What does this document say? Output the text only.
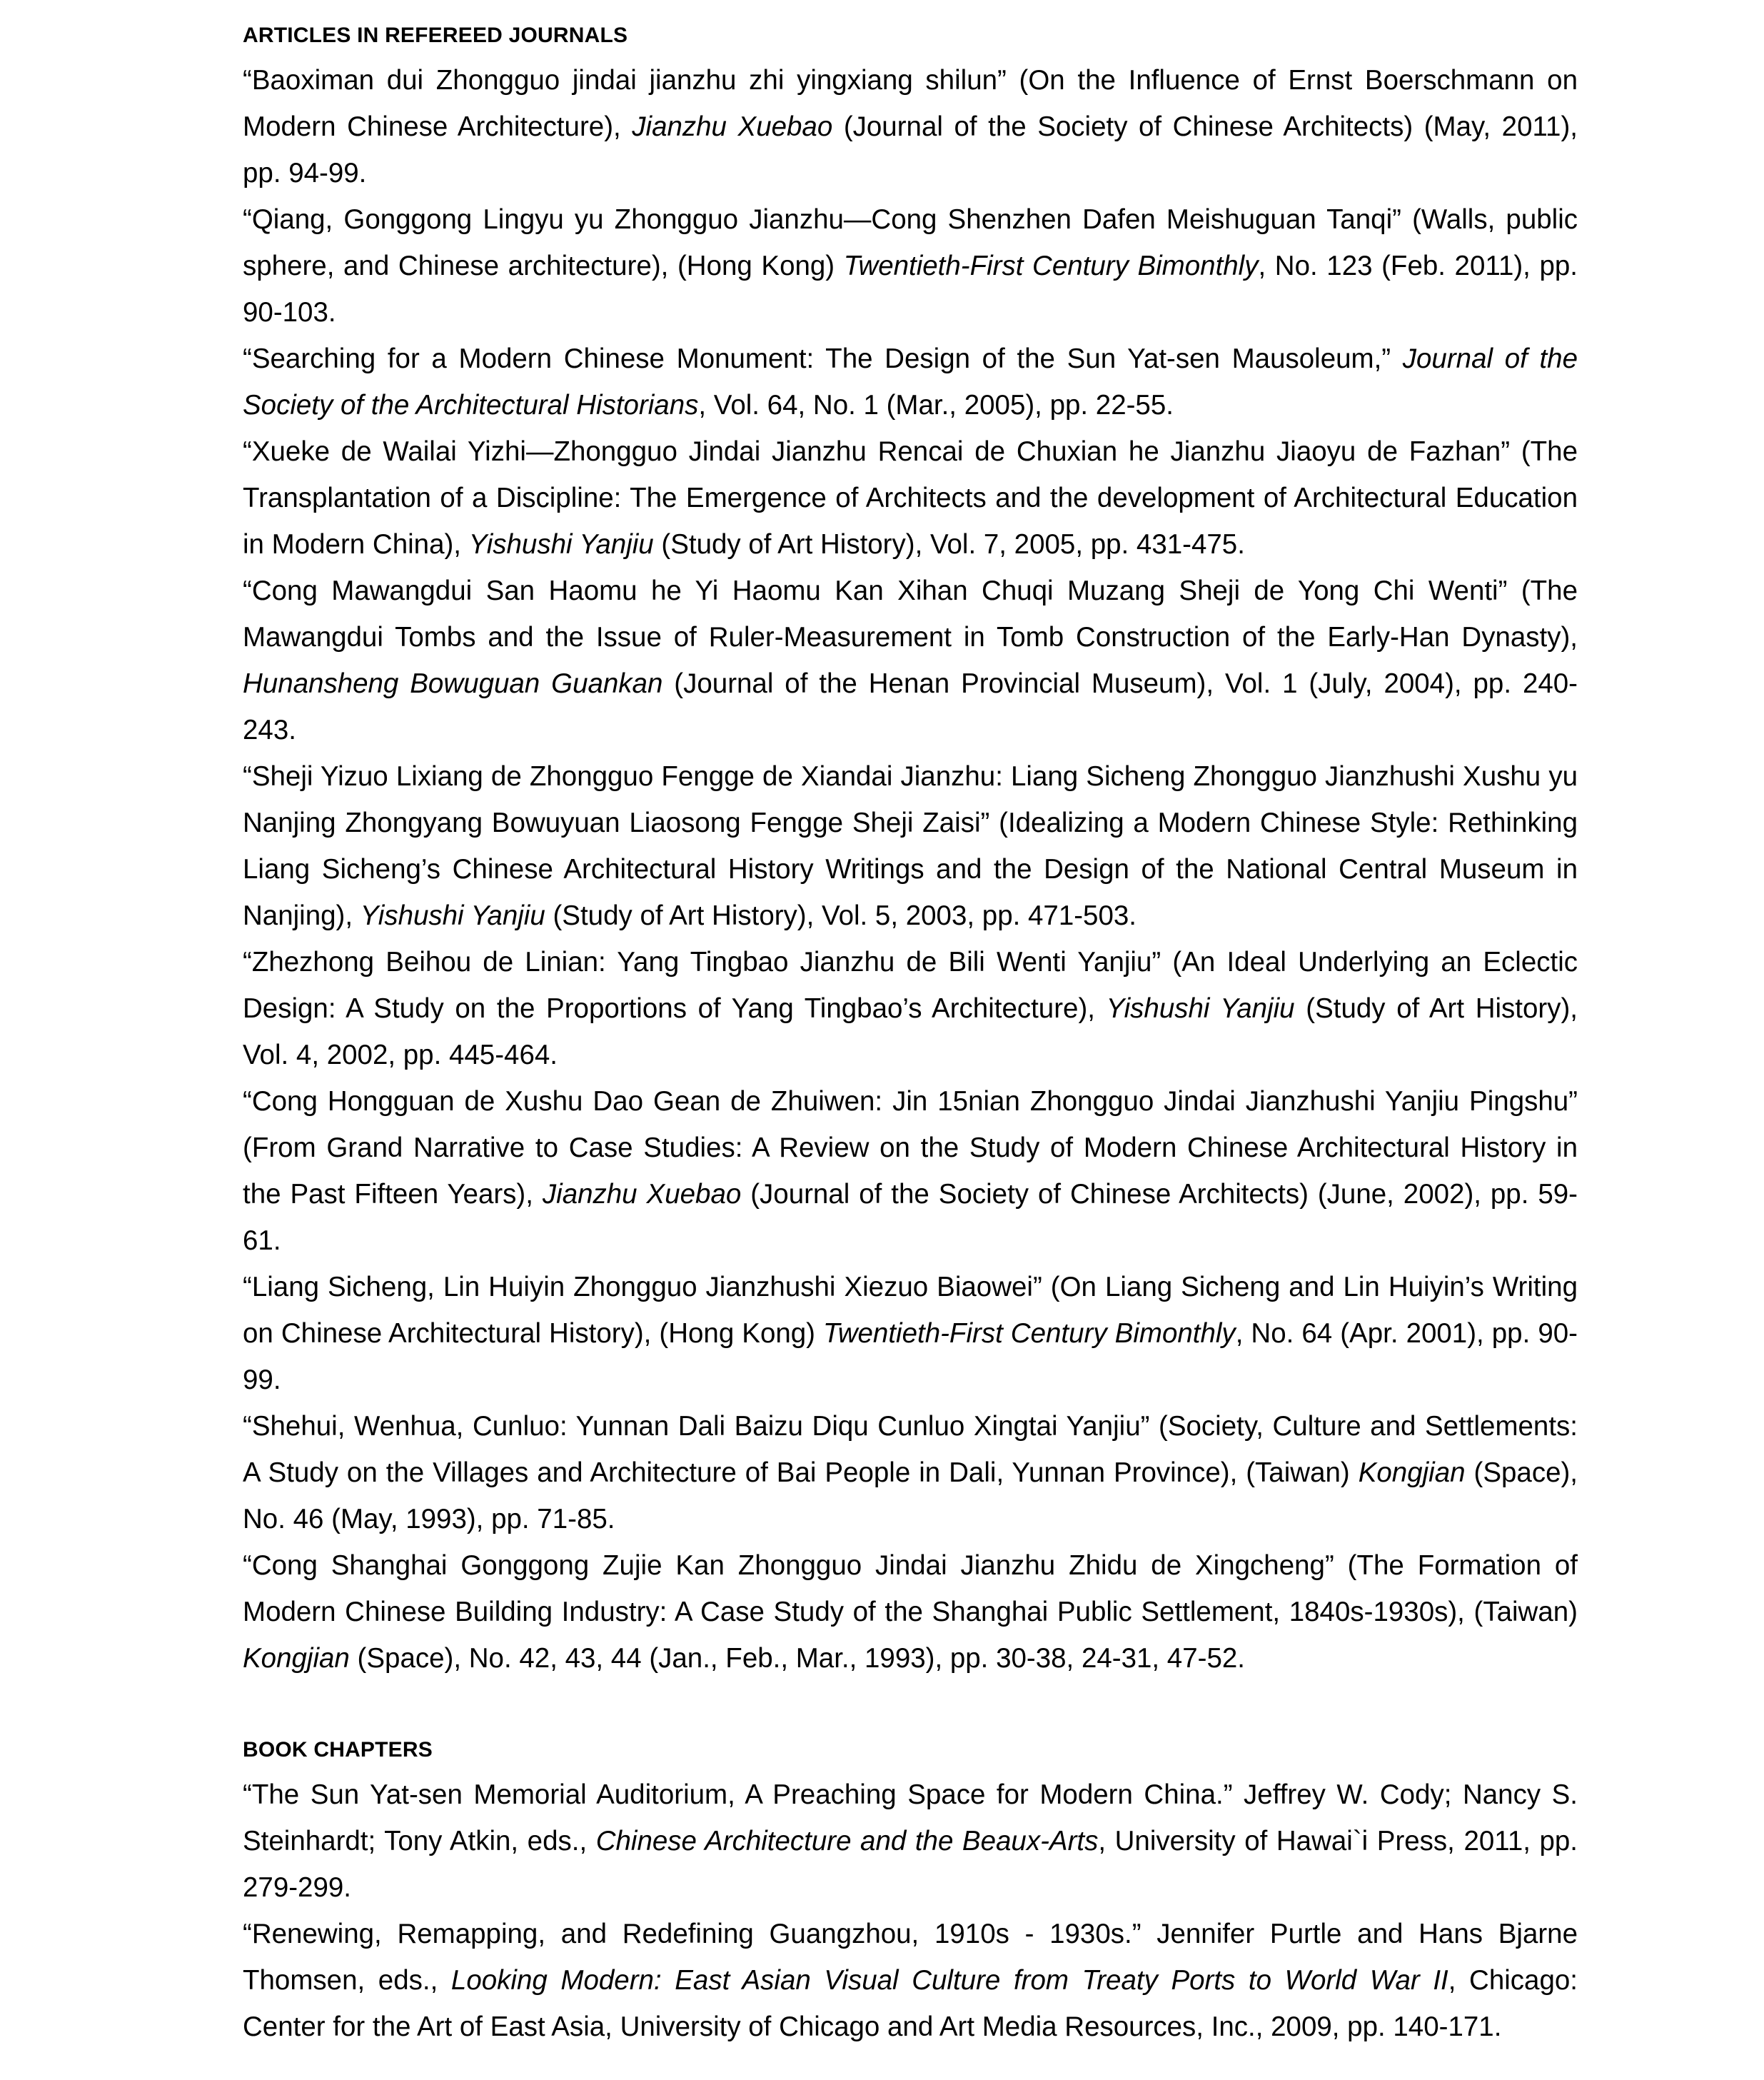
ARTICLES IN REFEREED JOURNALS

“Baoximan dui Zhongguo jindai jianzhu zhi yingxiang shilun” (On the Influence of Ernst Boerschmann on Modern Chinese Architecture), Jianzhu Xuebao (Journal of the Society of Chinese Architects) (May, 2011), pp. 94-99.

“Qiang, Gonggong Lingyu yu Zhongguo Jianzhu—Cong Shenzhen Dafen Meishuguan Tanqi” (Walls, public sphere, and Chinese architecture), (Hong Kong) Twentieth-First Century Bimonthly, No. 123 (Feb. 2011), pp. 90-103.

“Searching for a Modern Chinese Monument: The Design of the Sun Yat-sen Mausoleum,” Journal of the Society of the Architectural Historians, Vol. 64, No. 1 (Mar., 2005), pp. 22-55.

“Xueke de Wailai Yizhi—Zhongguo Jindai Jianzhu Rencai de Chuxian he Jianzhu Jiaoyu de Fazhan” (The Transplantation of a Discipline: The Emergence of Architects and the development of Architectural Education in Modern China), Yishushi Yanjiu (Study of Art History), Vol. 7, 2005, pp. 431-475.

“Cong Mawangdui San Haomu he Yi Haomu Kan Xihan Chuqi Muzang Sheji de Yong Chi Wenti” (The Mawangdui Tombs and the Issue of Ruler-Measurement in Tomb Construction of the Early-Han Dynasty), Hunansheng Bowuguan Guankan (Journal of the Henan Provincial Museum), Vol. 1 (July, 2004), pp. 240-243.

“Sheji Yizuo Lixiang de Zhongguo Fengge de Xiandai Jianzhu: Liang Sicheng Zhongguo Jianzhushi Xushu yu Nanjing Zhongyang Bowuyuan Liaosong Fengge Sheji Zaisi” (Idealizing a Modern Chinese Style: Rethinking Liang Sicheng’s Chinese Architectural History Writings and the Design of the National Central Museum in Nanjing), Yishushi Yanjiu (Study of Art History), Vol. 5, 2003, pp. 471-503.

“Zhezhong Beihou de Linian: Yang Tingbao Jianzhu de Bili Wenti Yanjiu” (An Ideal Underlying an Eclectic Design: A Study on the Proportions of Yang Tingbao’s Architecture), Yishushi Yanjiu (Study of Art History), Vol. 4, 2002, pp. 445-464.

“Cong Hongguan de Xushu Dao Gean de Zhuiwen: Jin 15nian Zhongguo Jindai Jianzhushi Yanjiu Pingshu” (From Grand Narrative to Case Studies: A Review on the Study of Modern Chinese Architectural History in the Past Fifteen Years), Jianzhu Xuebao (Journal of the Society of Chinese Architects) (June, 2002), pp. 59-61.

“Liang Sicheng, Lin Huiyin Zhongguo Jianzhushi Xiezuo Biaowei” (On Liang Sicheng and Lin Huiyin’s Writing on Chinese Architectural History), (Hong Kong) Twentieth-First Century Bimonthly, No. 64 (Apr. 2001), pp. 90-99.

“Shehui, Wenhua, Cunluo: Yunnan Dali Baizu Diqu Cunluo Xingtai Yanjiu” (Society, Culture and Settlements: A Study on the Villages and Architecture of Bai People in Dali, Yunnan Province), (Taiwan) Kongjian (Space), No. 46 (May, 1993), pp. 71-85.

“Cong Shanghai Gonggong Zujie Kan Zhongguo Jindai Jianzhu Zhidu de Xingcheng” (The Formation of Modern Chinese Building Industry: A Case Study of the Shanghai Public Settlement, 1840s-1930s), (Taiwan) Kongjian (Space), No. 42, 43, 44 (Jan., Feb., Mar., 1993), pp. 30-38, 24-31, 47-52.

BOOK CHAPTERS

“The Sun Yat-sen Memorial Auditorium, A Preaching Space for Modern China.” Jeffrey W. Cody; Nancy S. Steinhardt; Tony Atkin, eds., Chinese Architecture and the Beaux-Arts, University of Hawai`i Press, 2011, pp. 279-299.

“Renewing, Remapping, and Redefining Guangzhou, 1910s - 1930s.” Jennifer Purtle and Hans Bjarne Thomsen, eds., Looking Modern: East Asian Visual Culture from Treaty Ports to World War II, Chicago: Center for the Art of East Asia, University of Chicago and Art Media Resources, Inc., 2009, pp. 140-171.
